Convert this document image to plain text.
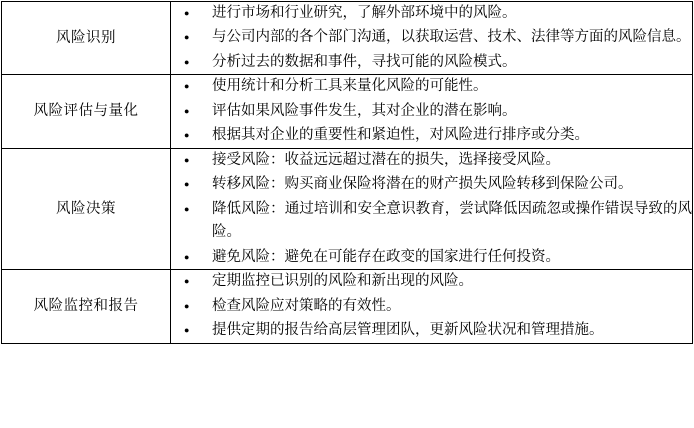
风险识别	
● 进行市场和行业研究，了解外部环境中的风险。
● 与公司内部的各个部门沟通，以获取运营、技术、法律等方面的风险信息。
● 分析过去的数据和事件，寻找可能的风险模式。

风险评估与量化	
● 使用统计和分析工具来量化风险的可能性。
● 评估如果风险事件发生，其对企业的潜在影响。
● 根据其对企业的重要性和紧迫性，对风险进行排序或分类。

风险决策	
● 接受风险：收益远远超过潜在的损失，选择接受风险。
● 转移风险：购买商业保险将潜在的财产损失风险转移到保险公司。
● 降低风险：通过培训和安全意识教育，尝试降低因疏忽或操作错误导致的风险。
● 避免风险：避免在可能存在政变的国家进行任何投资。

风险监控和报告	
● 定期监控已识别的风险和新出现的风险。
● 检查风险应对策略的有效性。
● 提供定期的报告给高层管理团队，更新风险状况和管理措施。
